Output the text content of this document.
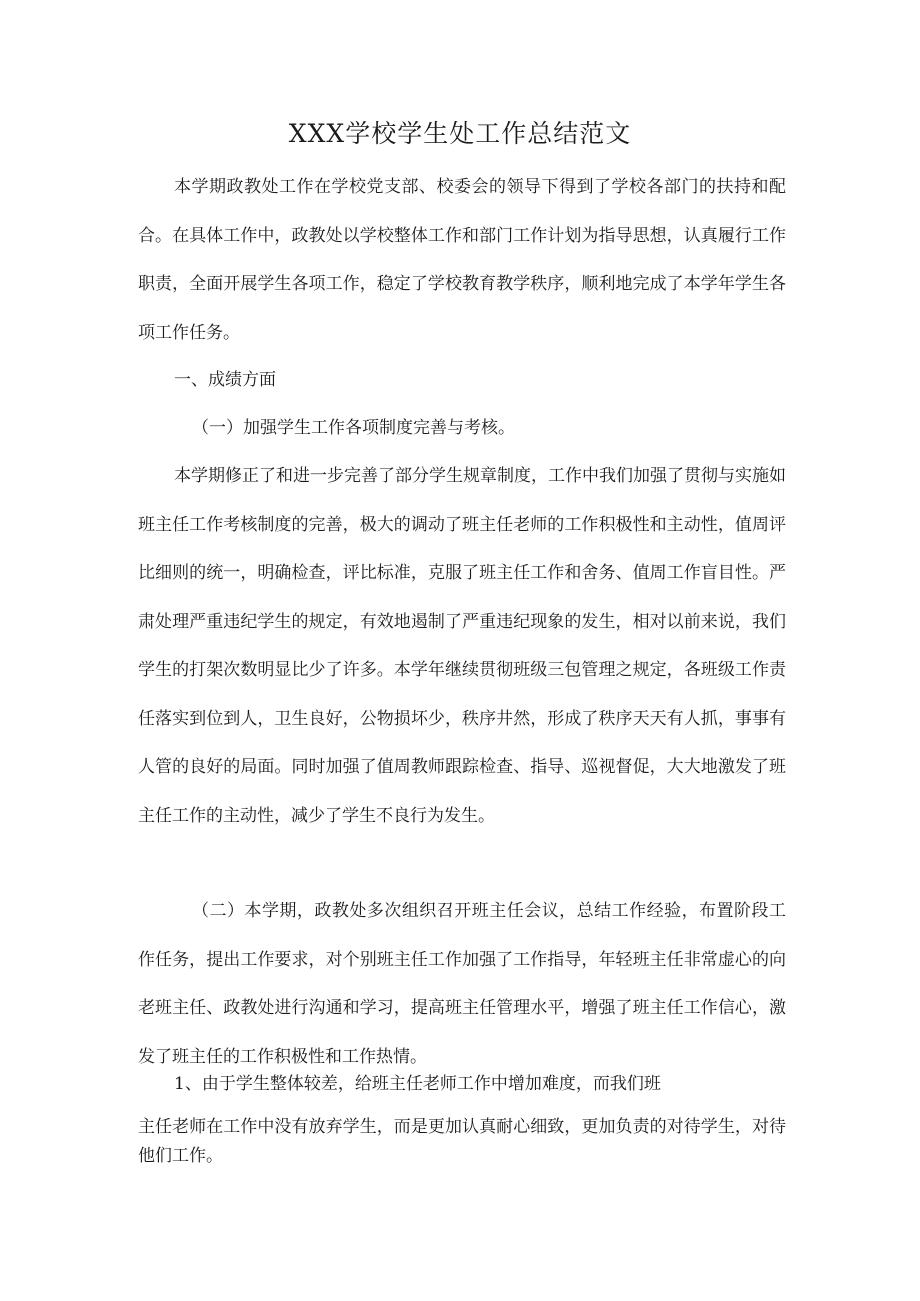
XXX学校学生处工作总结范文

本学期政教处工作在学校党支部、校委会的领导下得到了学校各部门的扶持和配合。在具体工作中，政教处以学校整体工作和部门工作计划为指导思想，认真履行工作职责，全面开展学生各项工作，稳定了学校教育教学秩序，顺利地完成了本学年学生各项工作任务。

一、成绩方面

（一）加强学生工作各项制度完善与考核。

本学期修正了和进一步完善了部分学生规章制度，工作中我们加强了贯彻与实施如班主任工作考核制度的完善，极大的调动了班主任老师的工作积极性和主动性，值周评比细则的统一，明确检查，评比标准，克服了班主任工作和舍务、值周工作盲目性。严肃处理严重违纪学生的规定，有效地遏制了严重违纪现象的发生，相对以前来说，我们学生的打架次数明显比少了许多。本学年继续贯彻班级三包管理之规定，各班级工作责任落实到位到人，卫生良好，公物损坏少，秩序井然，形成了秩序天天有人抓，事事有人管的良好的局面。同时加强了值周教师跟踪检查、指导、巡视督促，大大地激发了班主任工作的主动性，减少了学生不良行为发生。

（二）本学期，政教处多次组织召开班主任会议，总结工作经验，布置阶段工作任务，提出工作要求，对个别班主任工作加强了工作指导，年轻班主任非常虚心的向老班主任、政教处进行沟通和学习，提高班主任管理水平，增强了班主任工作信心，激发了班主任的工作积极性和工作热情。

1、由于学生整体较差，给班主任老师工作中增加难度，而我们班

主任老师在工作中没有放弃学生，而是更加认真耐心细致，更加负责的对待学生，对待他们工作。
